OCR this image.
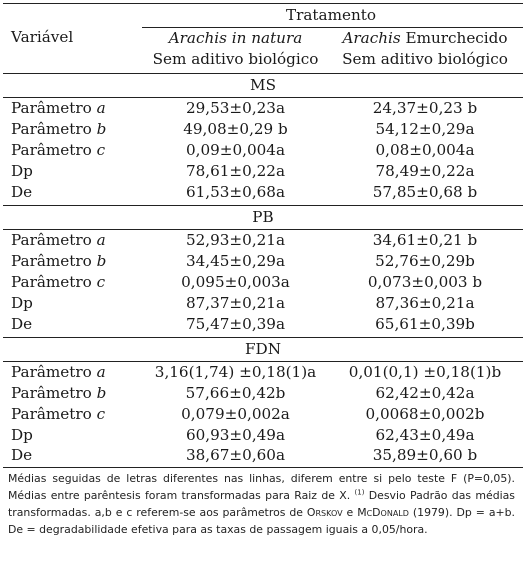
Tratamento
Variável	Arachis in natura	Arachis Emurchecido
Sem aditivo biológico	Sem aditivo biológico
MS
Parâmetro a	29,53±0,23a	24,37±0,23 b
Parâmetro b	49,08±0,29 b	54,12±0,29a
Parâmetro c	0,09±0,004a	0,08±0,004a
Dp	78,61±0,22a	78,49±0,22a
De	61,53±0,68a	57,85±0,68 b
PB
Parâmetro a	52,93±0,21a	34,61±0,21 b
Parâmetro b	34,45±0,29a	52,76±0,29b
Parâmetro c	0,095±0,003a	0,073±0,003 b
Dp	87,37±0,21a	87,36±0,21a
De	75,47±0,39a	65,61±0,39b
FDN
Parâmetro a	3,16(1,74) ±0,18(1)a	0,01(0,1) ±0,18(1)b
Parâmetro b	57,66±0,42b	62,42±0,42a
Parâmetro c	0,079±0,002a	0,0068±0,002b
Dp	60,93±0,49a	62,43±0,49a
De	38,67±0,60a	35,89±0,60 b
Médias seguidas de letras diferentes nas linhas, diferem entre si pelo teste F (P=0,05). Médias entre parêntesis foram transformadas para Raiz de X. $^{(1)}$ Desvio Padrão das médias transformadas. a,b e c referem-se aos parâmetros de Orskov e McDonald (1979). Dp = a+b. De = degradabilidade efetiva para as taxas de passagem iguais a 0,05/hora.
